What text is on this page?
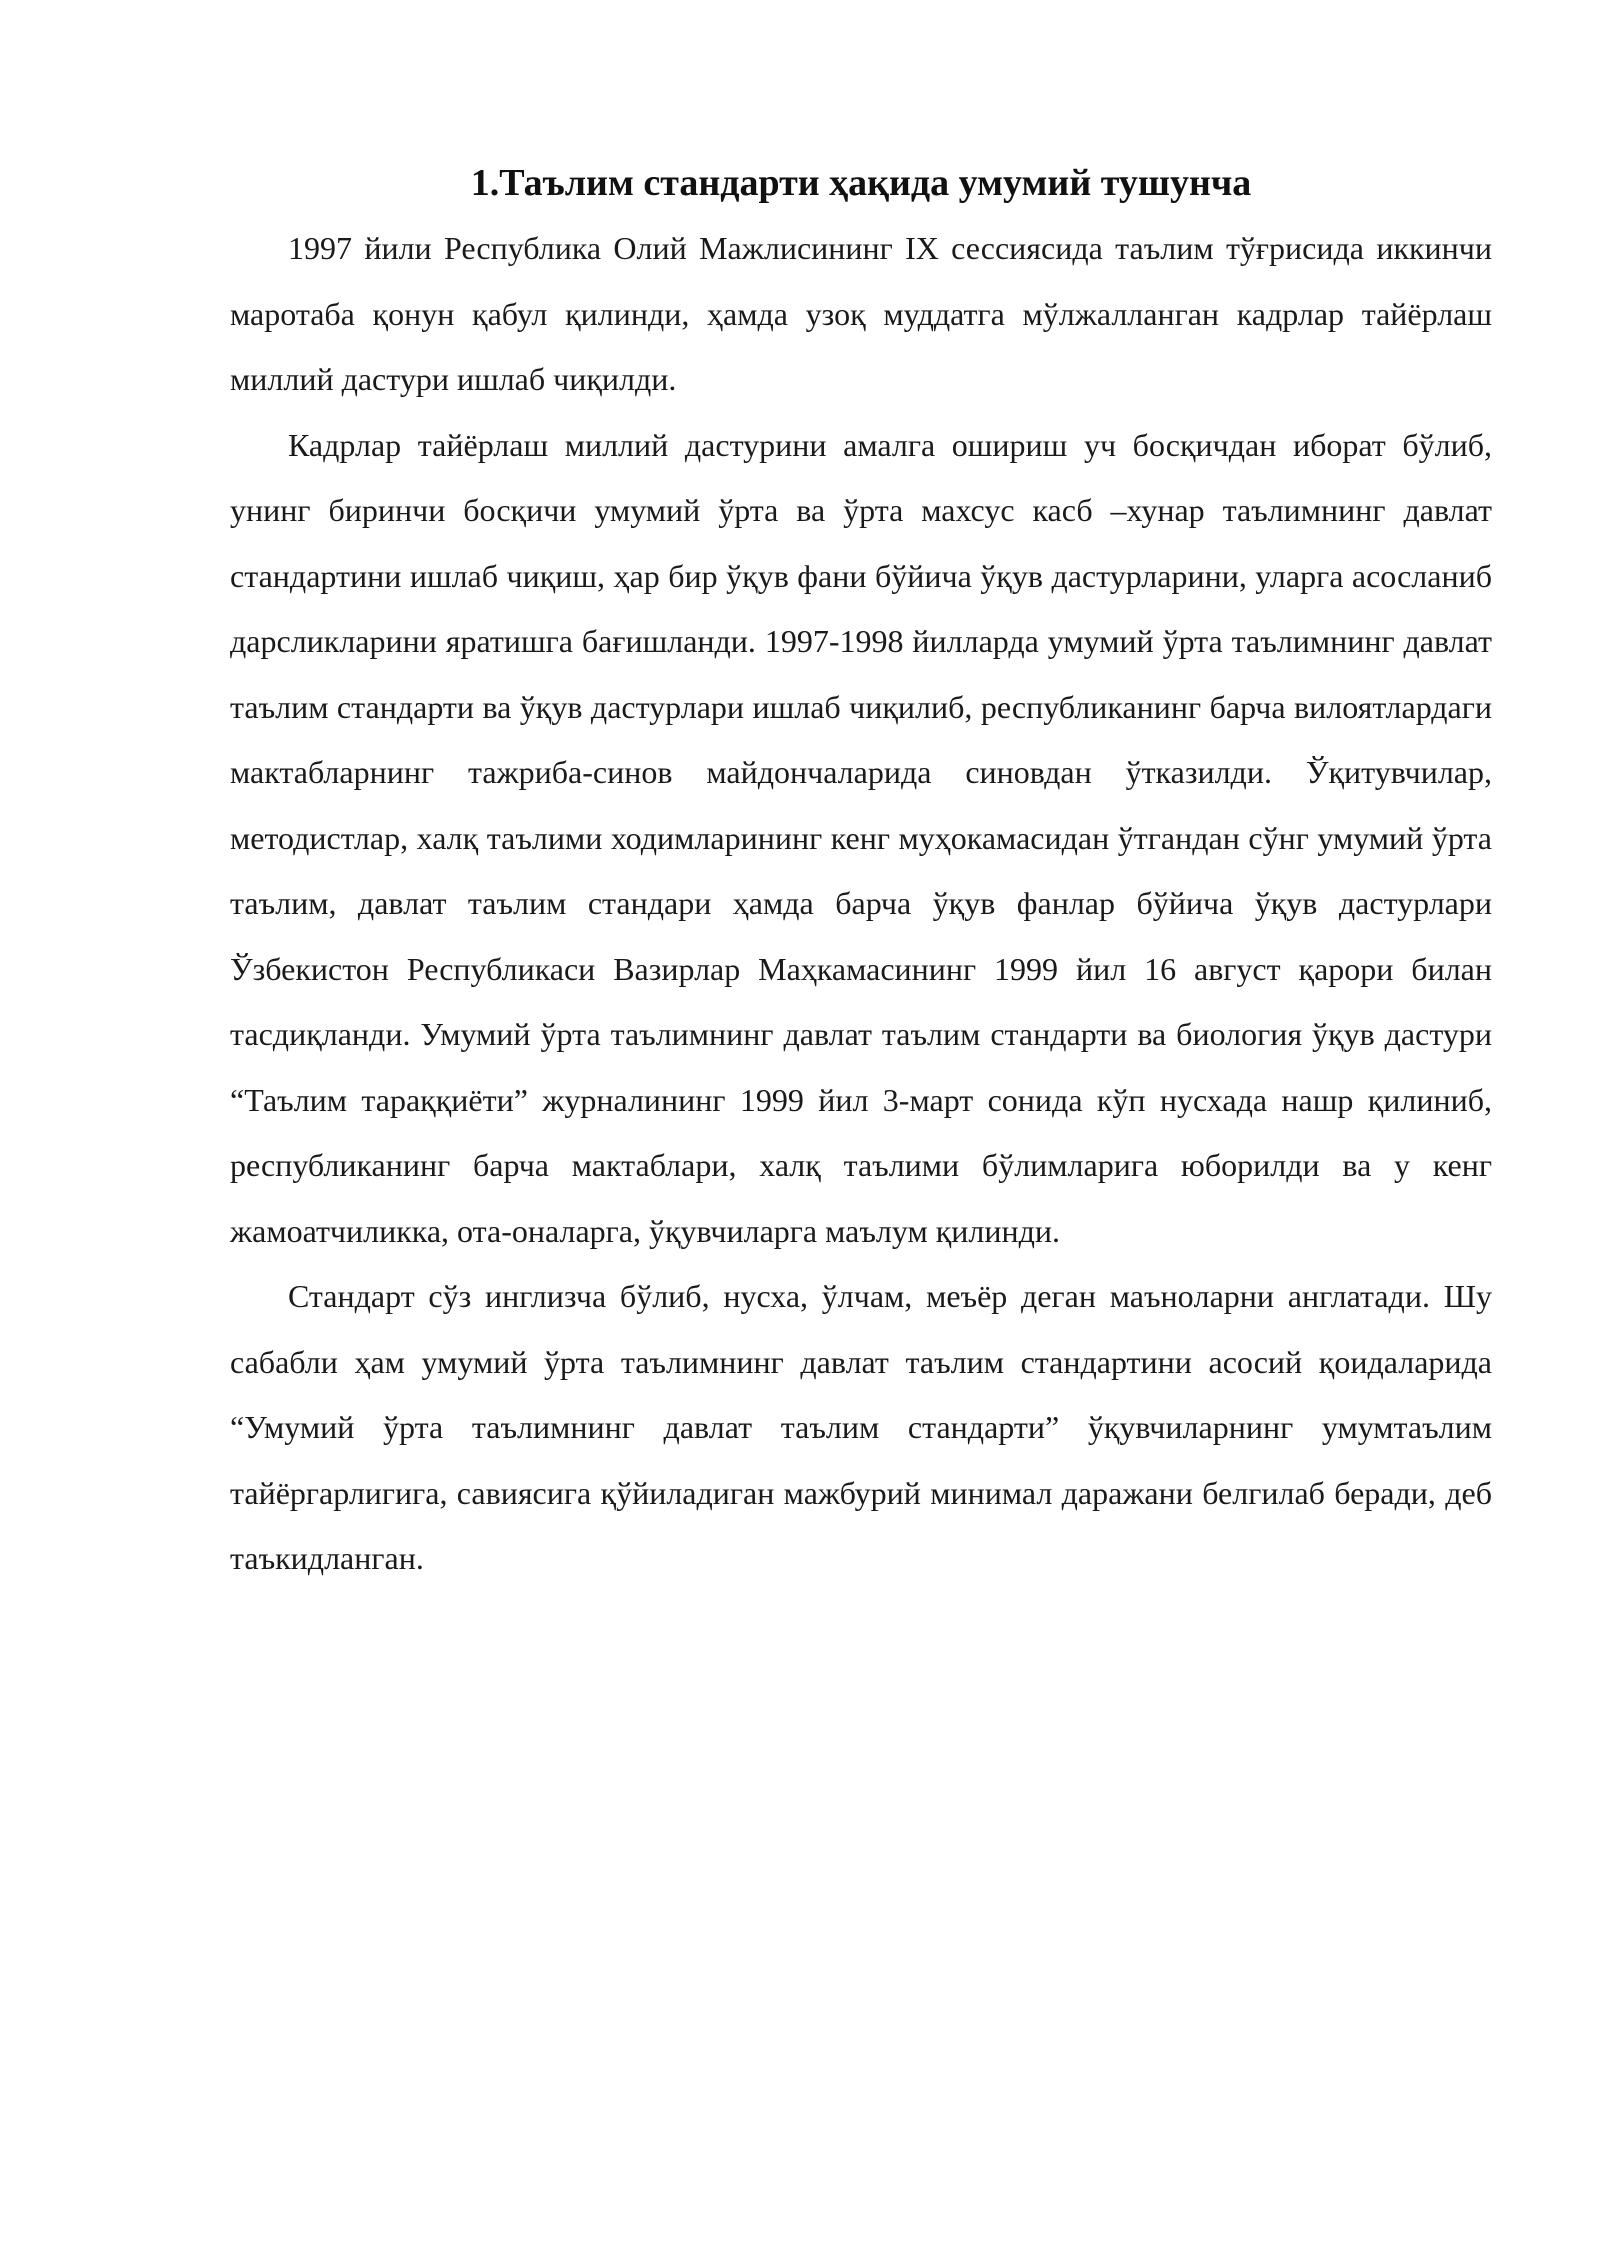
1.Таълим стандарти ҳақида умумий тушунча

1997 йили Республика Олий Мажлисининг IX сессиясида таълим тўғрисида иккинчи маротаба қонун қабул қилинди, ҳамда узоқ муддатга мўлжалланган кадрлар тайёрлаш миллий дастури ишлаб чиқилди.

Кадрлар тайёрлаш миллий дастурини амалга ошириш уч босқичдан иборат бўлиб, унинг биринчи босқичи умумий ўрта ва ўрта махсус касб –хунар таълимнинг давлат стандартини ишлаб чиқиш, ҳар бир ўқув фани бўйича ўқув дастурларини, уларга асосланиб дарсликларини яратишга бағишланди. 1997-1998 йилларда умумий ўрта таълимнинг давлат таълим стандарти ва ўқув дастурлари ишлаб чиқилиб, республиканинг барча вилоятлардаги мактабларнинг тажриба-синов майдончаларида синовдан ўтказилди. Ўқитувчилар, методистлар, халқ таълими ходимларининг кенг муҳокамасидан ўтгандан сўнг умумий ўрта таълим, давлат таълим стандари ҳамда барча ўқув фанлар бўйича ўқув дастурлари Ўзбекистон Республикаси Вазирлар Маҳкамасининг 1999 йил 16 август қарори билан тасдиқланди. Умумий ўрта таълимнинг давлат таълим стандарти ва биология ўқув дастури “Таълим тараққиёти” журналининг 1999 йил 3-март сонида кўп нусхада нашр қилиниб, республиканинг барча мактаблари, халқ таълими бўлимларига юборилди ва у кенг жамоатчиликка, ота-оналарга, ўқувчиларга маълум қилинди.

Стандарт сўз инглизча бўлиб, нусха, ўлчам, меъёр деган маънoларни англатади. Шу сабабли ҳам умумий ўрта таълимнинг давлат таълим стандартини асосий қоидаларида “Умумий ўрта таълимнинг давлат таълим стандарти” ўқувчиларнинг умумтаълим тайёргарлигига, савиясига қўйиладиган мажбурий минимал даражани белгилаб беради, деб таъкидланган.
